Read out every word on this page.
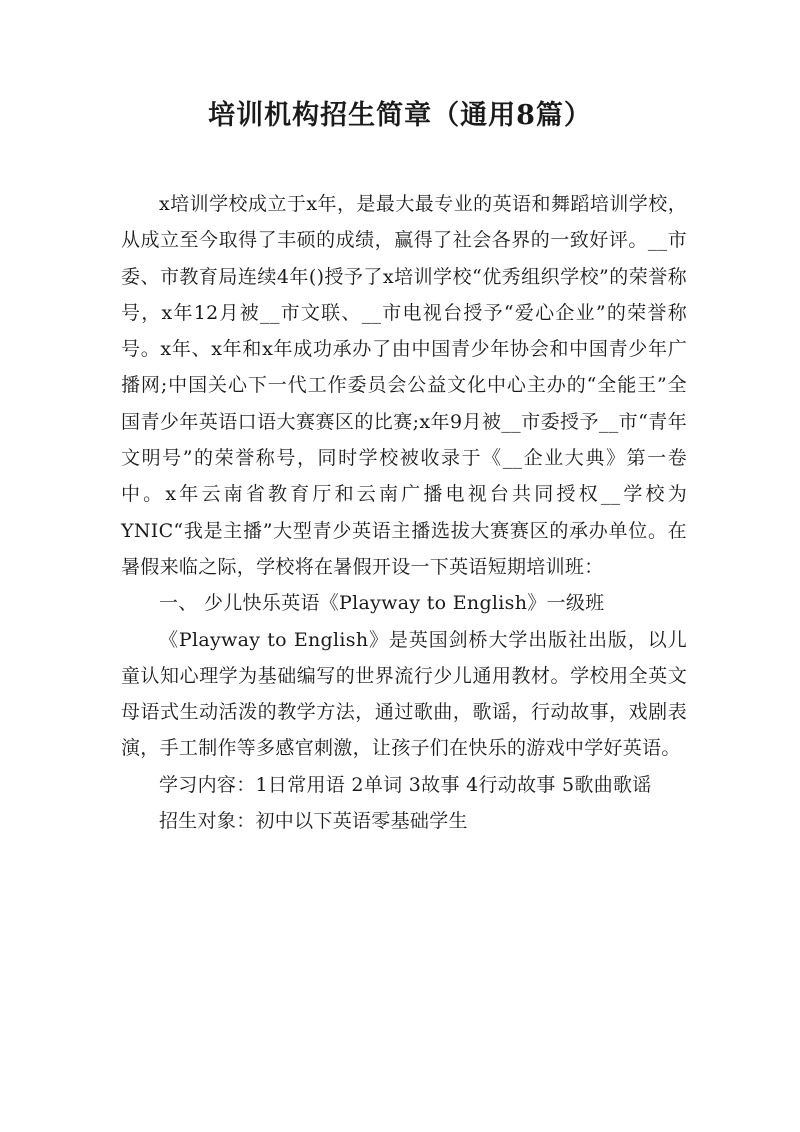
培训机构招生简章（通用8篇）

x培训学校成立于x年，是最大最专业的英语和舞蹈培训学校，从成立至今取得了丰硕的成绩，赢得了社会各界的一致好评。__市委、市教育局连续4年()授予了x培训学校“优秀组织学校”的荣誉称号，x年12月被__市文联、__市电视台授予“爱心企业”的荣誉称号。x年、x年和x年成功承办了由中国青少年协会和中国青少年广播网;中国关心下一代工作委员会公益文化中心主办的“全能王”全国青少年英语口语大赛赛区的比赛;x年9月被__市委授予__市“青年文明号”的荣誉称号，同时学校被收录于《__企业大典》第一卷中。x年云南省教育厅和云南广播电视台共同授权__学校为YNIC“我是主播”大型青少英语主播选拔大赛赛区的承办单位。在暑假来临之际，学校将在暑假开设一下英语短期培训班：

一、 少儿快乐英语《Playway to English》一级班

《Playway to English》是英国剑桥大学出版社出版，以儿童认知心理学为基础编写的世界流行少儿通用教材。学校用全英文母语式生动活泼的教学方法，通过歌曲，歌谣，行动故事，戏剧表演，手工制作等多感官刺激，让孩子们在快乐的游戏中学好英语。

学习内容：1日常用语 2单词 3故事 4行动故事 5歌曲歌谣

招生对象：初中以下英语零基础学生
